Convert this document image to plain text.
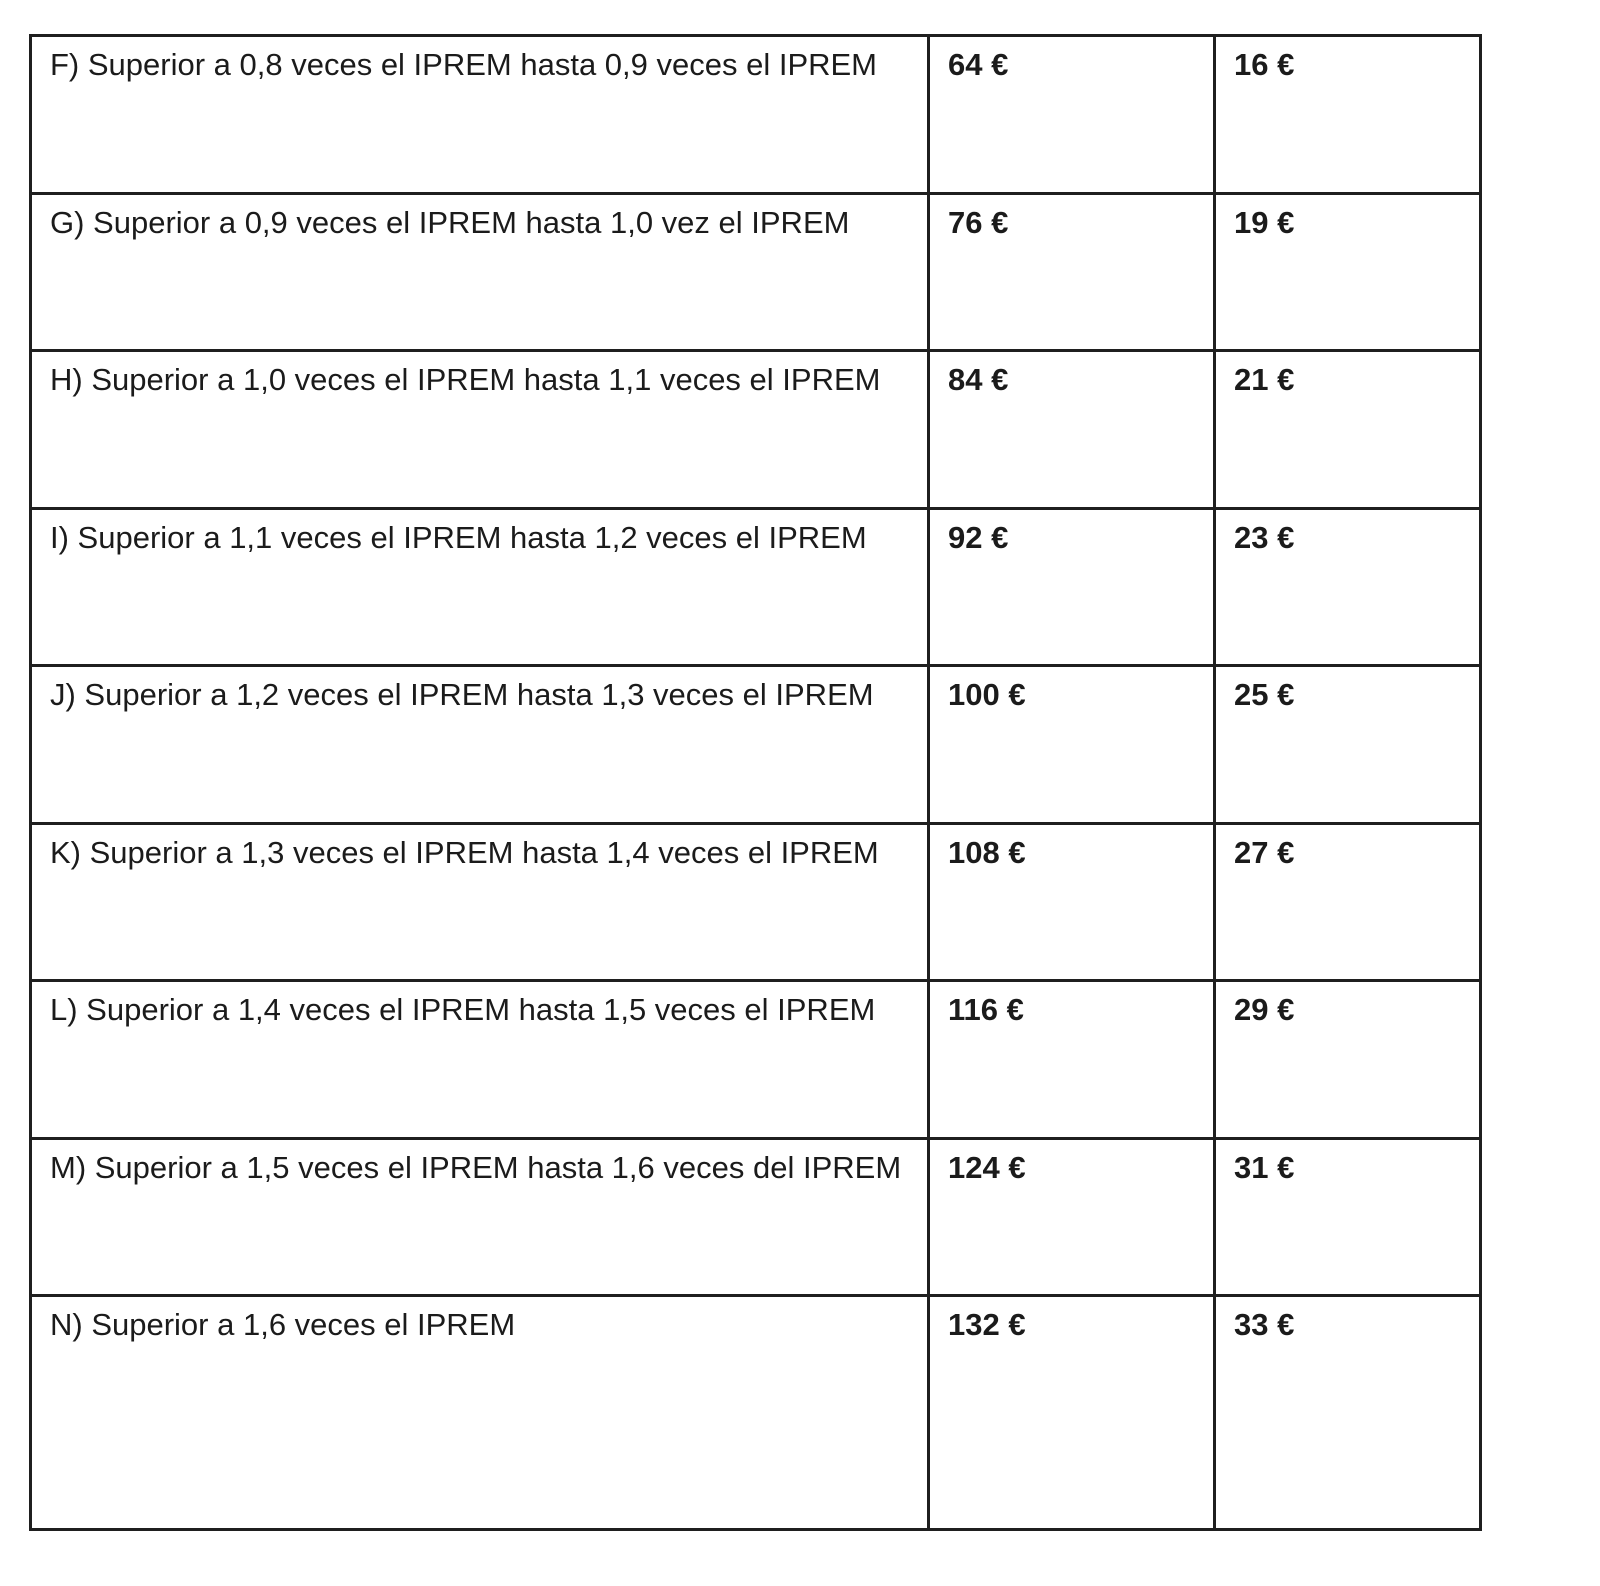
F) Superior a 0,8 veces el IPREM hasta 0,9 veces el IPREM	64 €	16 €

G) Superior a 0,9 veces el IPREM hasta 1,0 vez el IPREM	76 €	19 €

H) Superior a 1,0 veces el IPREM hasta 1,1 veces el IPREM	84 €	21 €

I) Superior a 1,1 veces el IPREM hasta 1,2 veces el IPREM	92 €	23 €

J) Superior a 1,2 veces el IPREM hasta 1,3 veces el IPREM	100 €	25 €

K) Superior a 1,3 veces el IPREM hasta 1,4 veces el IPREM	108 €	27 €

L) Superior a 1,4 veces el IPREM hasta 1,5 veces el IPREM	116 €	29 €

M) Superior a 1,5 veces el IPREM hasta 1,6 veces del IPREM	124 €	31 €

N) Superior a 1,6 veces el IPREM	132 €	33 €
